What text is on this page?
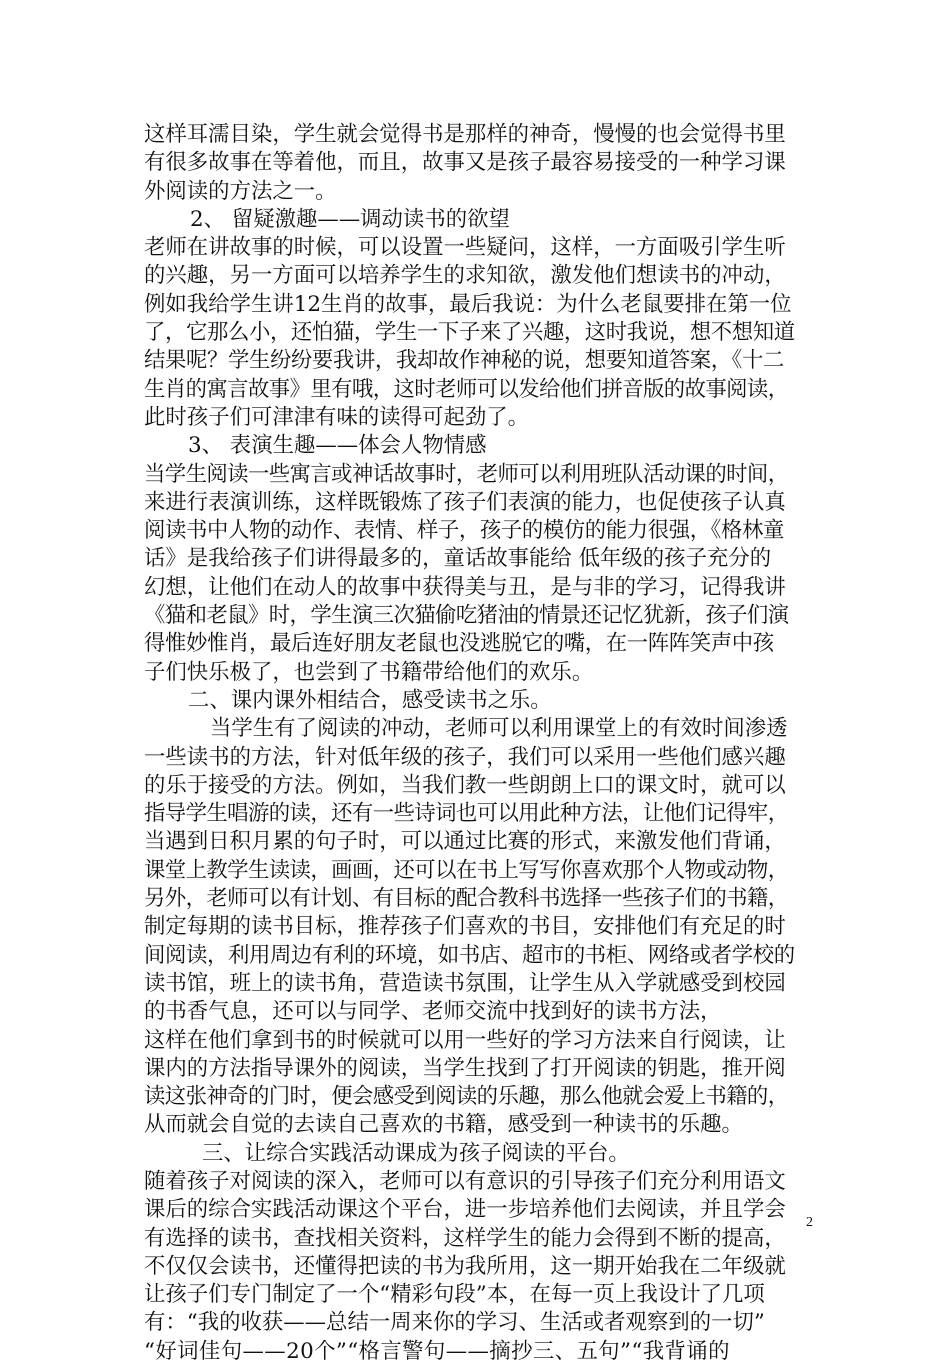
这样耳濡目染，学生就会觉得书是那样的神奇，慢慢的也会觉得书里
有很多故事在等着他，而且，故事又是孩子最容易接受的一种学习课
外阅读的方法之一。
2、 留疑激趣——调动读书的欲望
老师在讲故事的时候，可以设置一些疑问，这样，一方面吸引学生听
的兴趣，另一方面可以培养学生的求知欲，激发他们想读书的冲动，
例如我给学生讲12生肖的故事，最后我说：为什么老鼠要排在第一位
了，它那么小，还怕猫，学生一下子来了兴趣，这时我说，想不想知道
结果呢？学生纷纷要我讲，我却故作神秘的说，想要知道答案，《十二
生肖的寓言故事》里有哦，这时老师可以发给他们拼音版的故事阅读，
此时孩子们可津津有味的读得可起劲了。
3、 表演生趣——体会人物情感
当学生阅读一些寓言或神话故事时，老师可以利用班队活动课的时间，
来进行表演训练，这样既锻炼了孩子们表演的能力，也促使孩子认真
阅读书中人物的动作、表情、样子，孩子的模仿的能力很强，《格林童
话》是我给孩子们讲得最多的，童话故事能给 低年级的孩子充分的
幻想，让他们在动人的故事中获得美与丑，是与非的学习，记得我讲
《猫和老鼠》时，学生演三次猫偷吃猪油的情景还记忆犹新，孩子们演
得惟妙惟肖，最后连好朋友老鼠也没逃脱它的嘴，在一阵阵笑声中孩
子们快乐极了，也尝到了书籍带给他们的欢乐。
二、课内课外相结合，感受读书之乐。
当学生有了阅读的冲动，老师可以利用课堂上的有效时间渗透
一些读书的方法，针对低年级的孩子，我们可以采用一些他们感兴趣
的乐于接受的方法。例如，当我们教一些朗朗上口的课文时，就可以
指导学生唱游的读，还有一些诗词也可以用此种方法，让他们记得牢，
当遇到日积月累的句子时，可以通过比赛的形式，来激发他们背诵，
课堂上教学生读读，画画，还可以在书上写写你喜欢那个人物或动物，
另外，老师可以有计划、有目标的配合教科书选择一些孩子们的书籍，
制定每期的读书目标，推荐孩子们喜欢的书目，安排他们有充足的时
间阅读，利用周边有利的环境，如书店、超市的书柜、网络或者学校的
读书馆，班上的读书角，营造读书氛围，让学生从入学就感受到校园
的书香气息，还可以与同学、老师交流中找到好的读书方法，
这样在他们拿到书的时候就可以用一些好的学习方法来自行阅读，让
课内的方法指导课外的阅读，当学生找到了打开阅读的钥匙，推开阅
读这张神奇的门时，便会感受到阅读的乐趣，那么他就会爱上书籍的，
从而就会自觉的去读自己喜欢的书籍，感受到一种读书的乐趣。
三、让综合实践活动课成为孩子阅读的平台。
随着孩子对阅读的深入，老师可以有意识的引导孩子们充分利用语文
课后的综合实践活动课这个平台，进一步培养他们去阅读，并且学会
有选择的读书，查找相关资料，这样学生的能力会得到不断的提高，
不仅仅会读书，还懂得把读的书为我所用，这一期开始我在二年级就
让孩子们专门制定了一个“精彩句段”本，在每一页上我设计了几项
有：“我的收获——总结一周来你的学习、生活或者观察到的一切”
“好词佳句——20个”“格言警句——摘抄三、五句”“我背诵的
2
